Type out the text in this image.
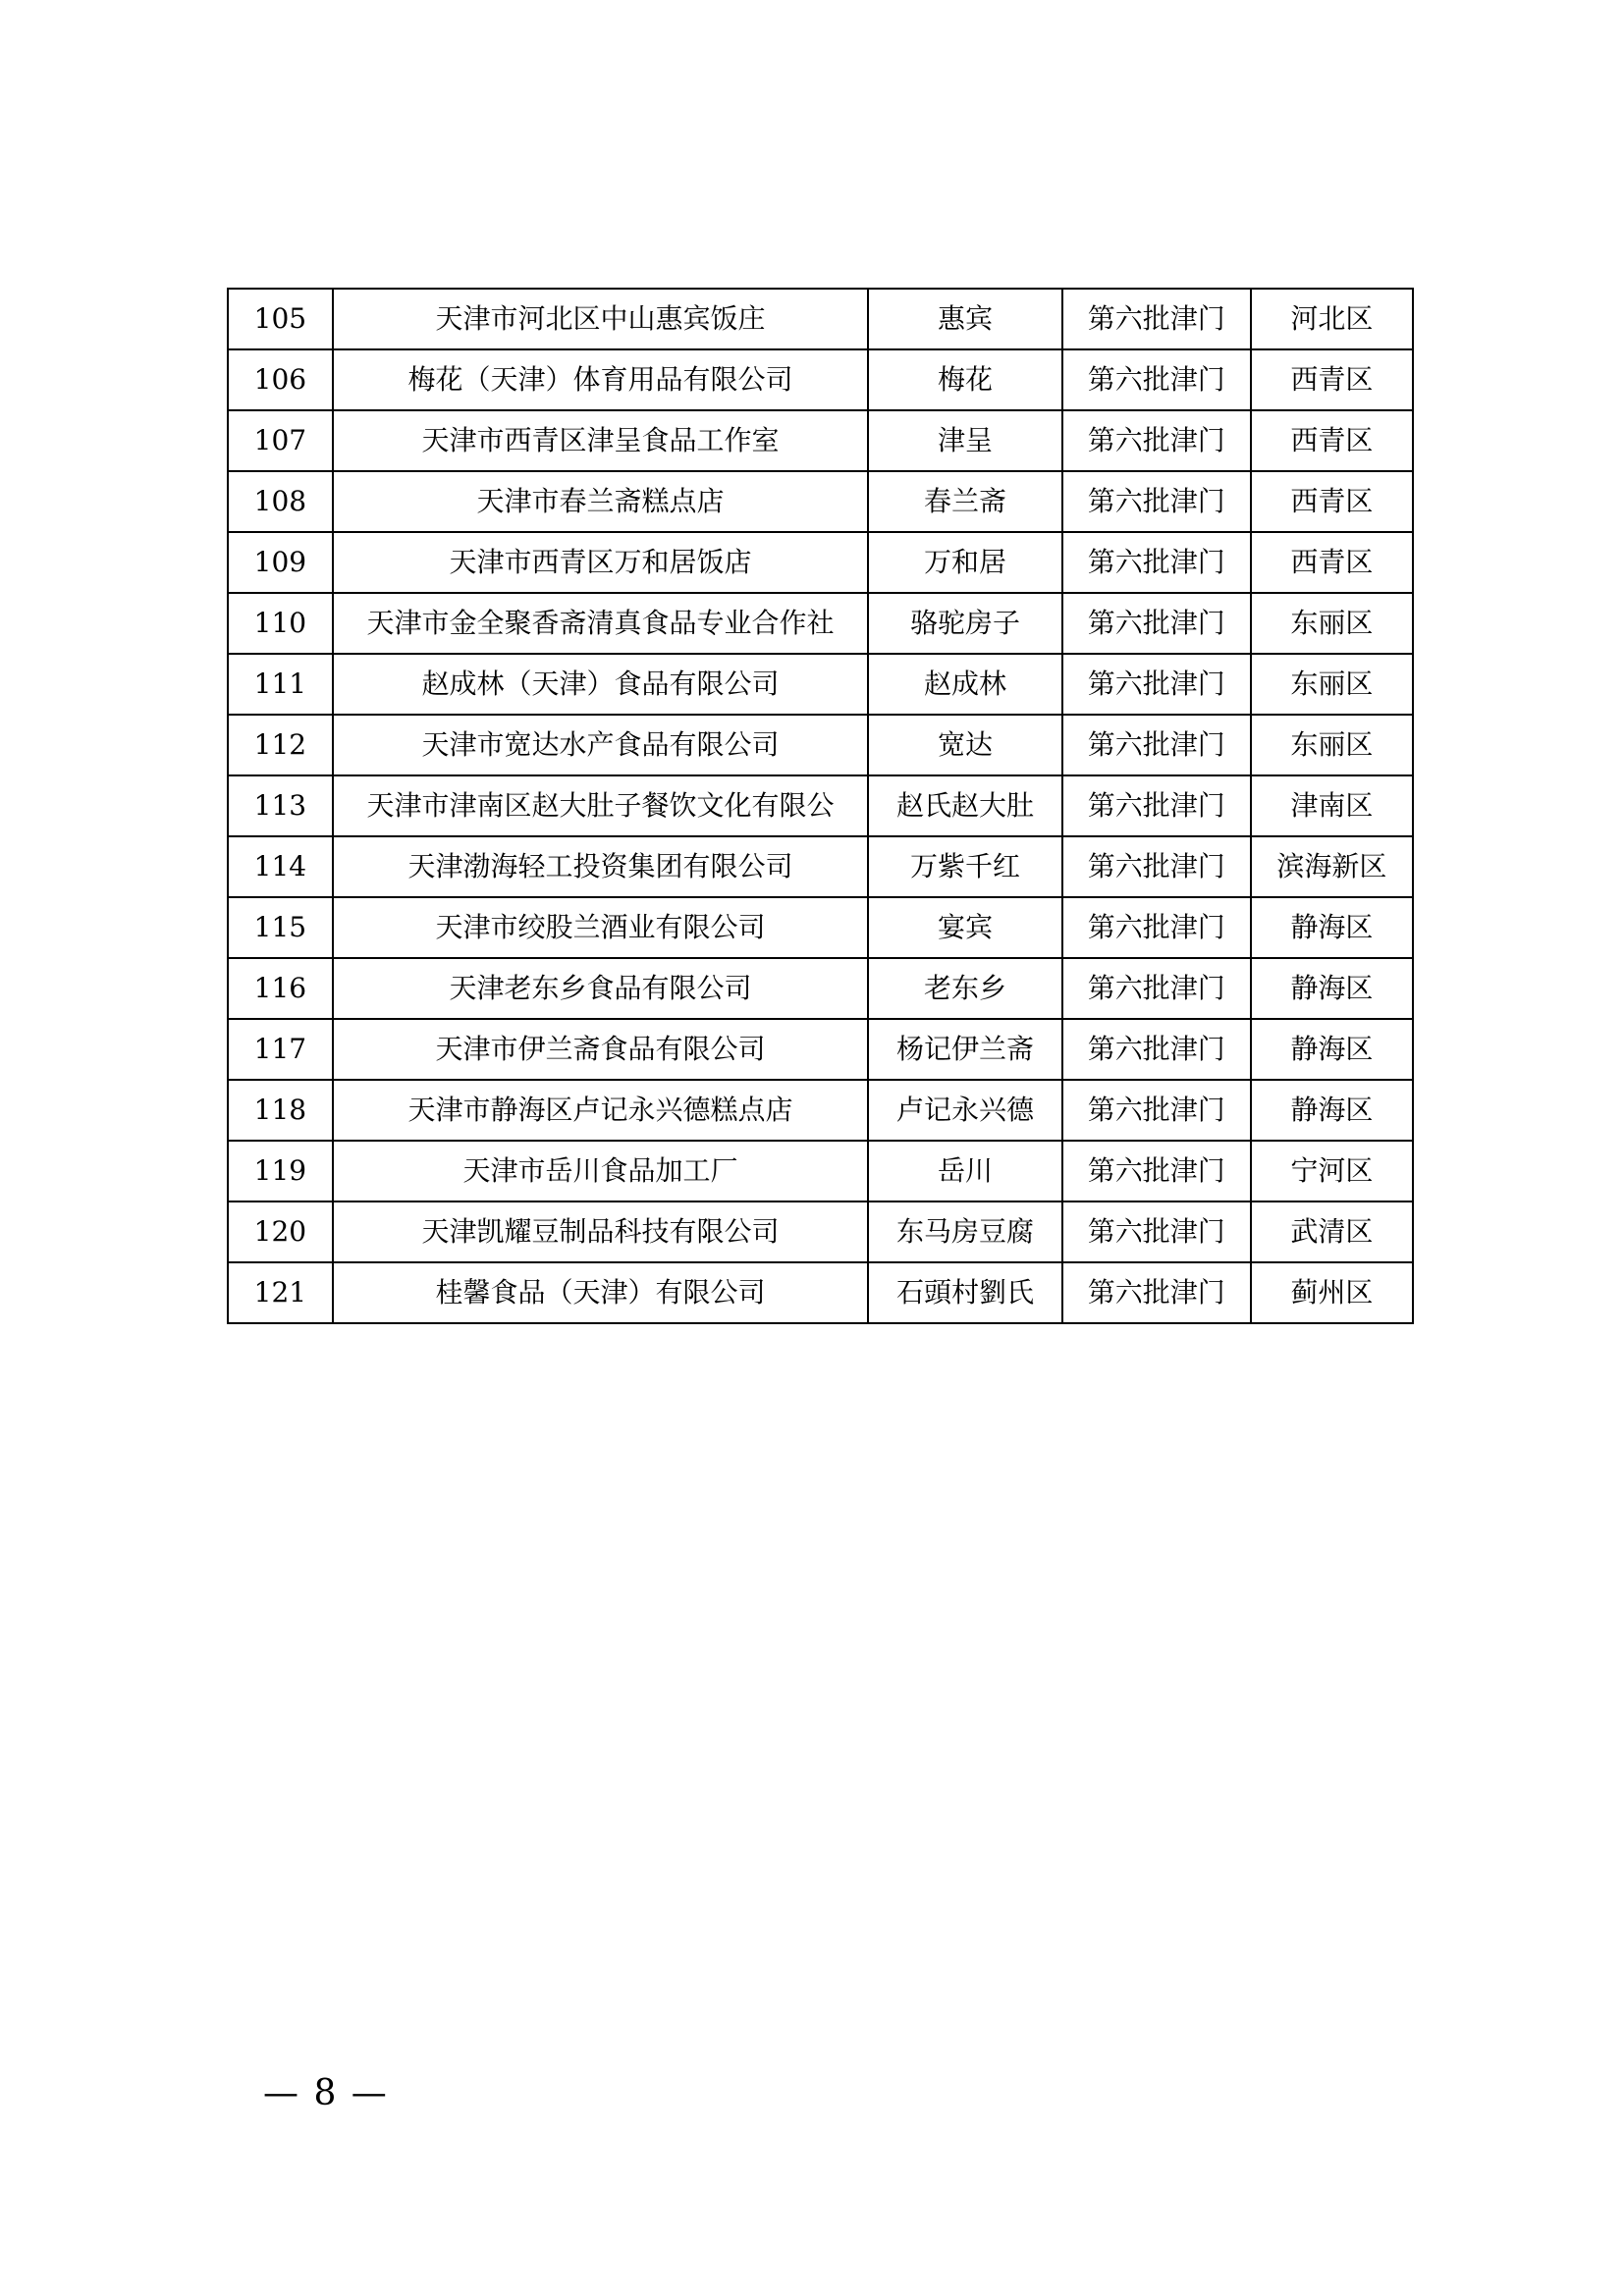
105	天津市河北区中山惠宾饭庄	惠宾	第六批津门	河北区
106	梅花（天津）体育用品有限公司	梅花	第六批津门	西青区
107	天津市西青区津呈食品工作室	津呈	第六批津门	西青区
108	天津市春兰斋糕点店	春兰斋	第六批津门	西青区
109	天津市西青区万和居饭店	万和居	第六批津门	西青区
110	天津市金全聚香斋清真食品专业合作社	骆驼房子	第六批津门	东丽区
111	赵成林（天津）食品有限公司	赵成林	第六批津门	东丽区
112	天津市宽达水产食品有限公司	宽达	第六批津门	东丽区
113	天津市津南区赵大肚子餐饮文化有限公	赵氏赵大肚	第六批津门	津南区
114	天津渤海轻工投资集团有限公司	万紫千红	第六批津门	滨海新区
115	天津市绞股兰酒业有限公司	宴宾	第六批津门	静海区
116	天津老东乡食品有限公司	老东乡	第六批津门	静海区
117	天津市伊兰斋食品有限公司	杨记伊兰斋	第六批津门	静海区
118	天津市静海区卢记永兴德糕点店	卢记永兴德	第六批津门	静海区
119	天津市岳川食品加工厂	岳川	第六批津门	宁河区
120	天津凯耀豆制品科技有限公司	东马房豆腐	第六批津门	武清区
121	桂馨食品（天津）有限公司	石頭村劉氏	第六批津门	蓟州区
— 8 —
